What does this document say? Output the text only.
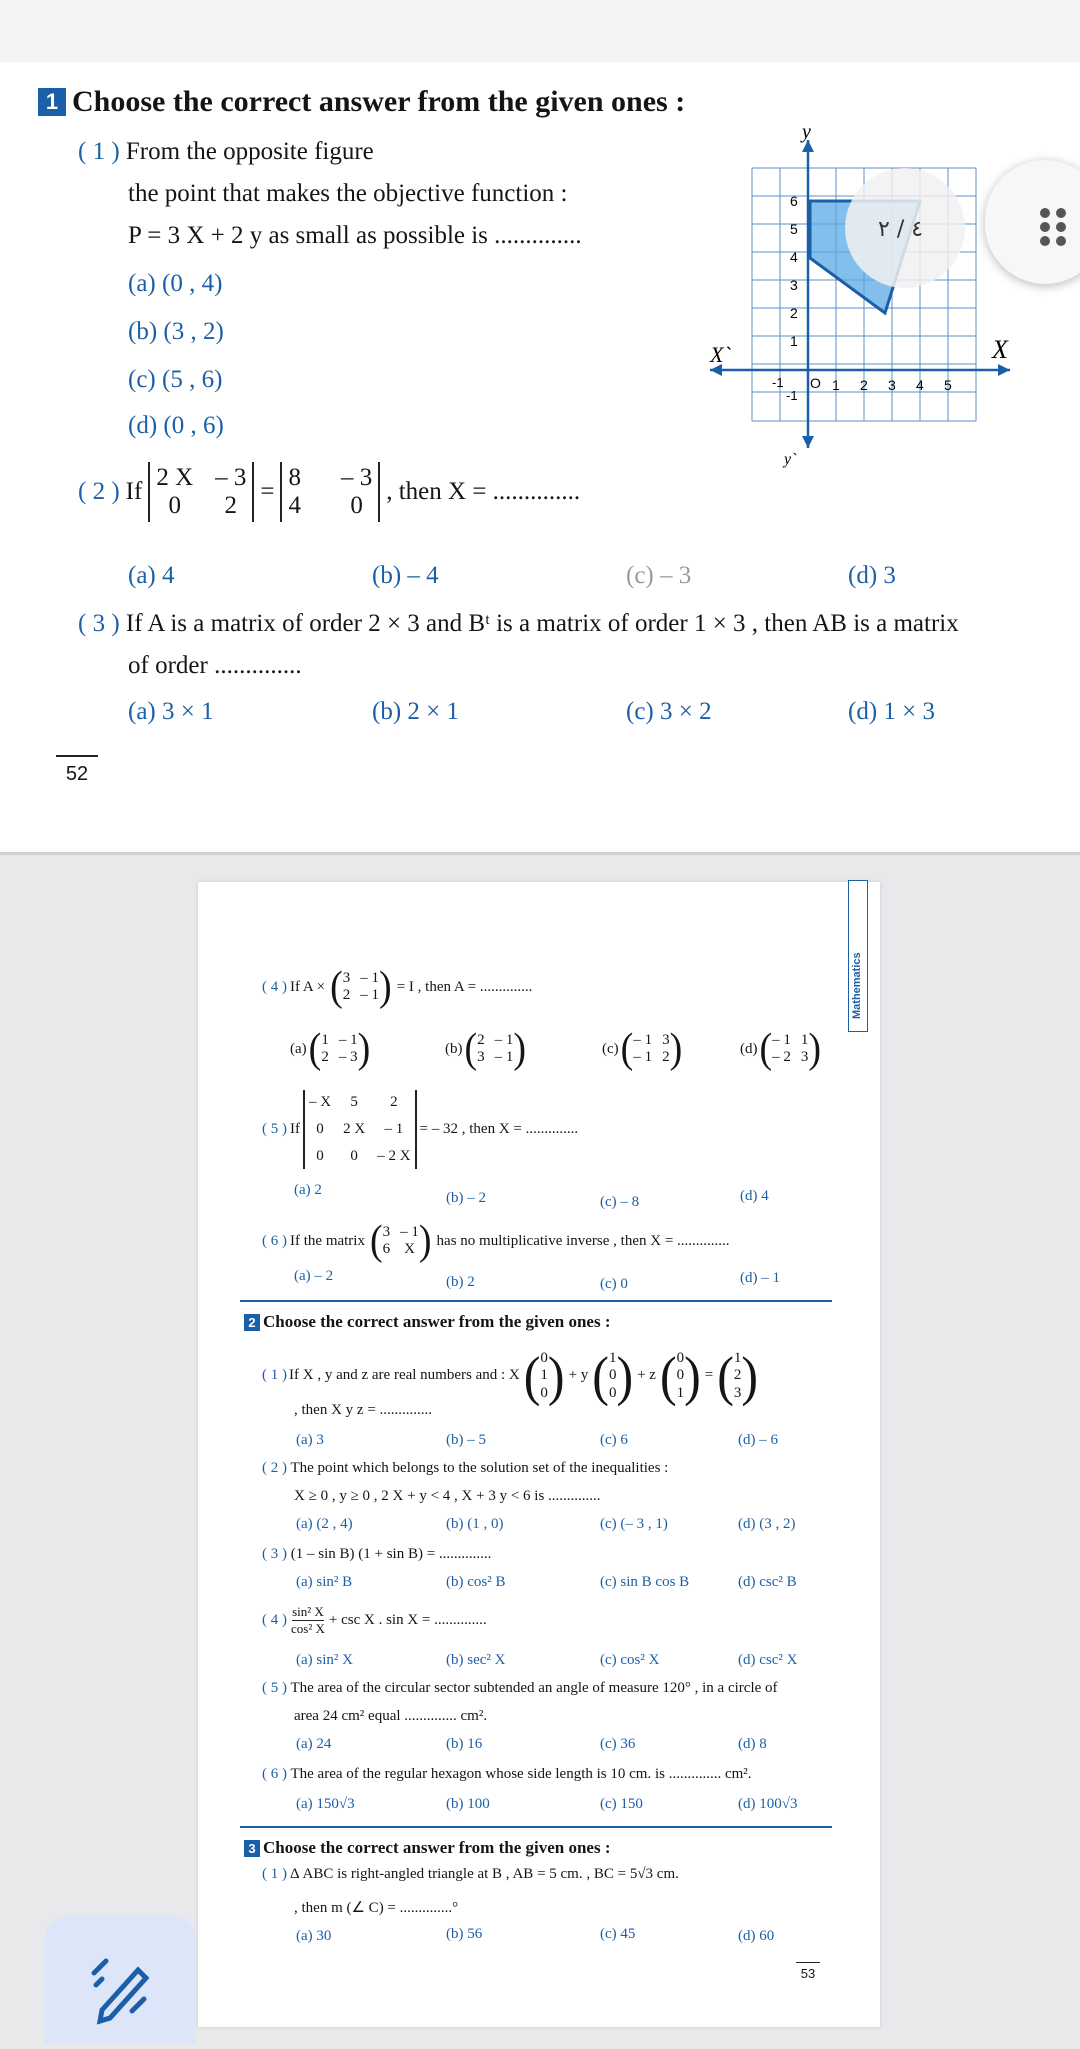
1 Choose the correct answer from the given ones :
( 1 ) From the opposite figure
the point that makes the objective function :
P = 3 X + 2 y as small as possible is ..............
(a) (0 , 4)
(b) (3 , 2)
(c) (5 , 6)
(d) (0 , 6)
y
y`
X
X`
O
-1
-1
1 2 3 4 5
1
2
3
4
5
6
٤ / ٢
( 2 ) If
2 X – 3
0	2
=
8 – 3
4	0
, then X = ..............
(a) 4	(b) – 4	(c) – 3	(d) 3
( 3 ) If A is a matrix of order 2 × 3 and Bᵗ is a matrix of order 1 × 3 , then AB is a matrix
of order ..............
(a) 3 × 1	(b) 2 × 1	(c) 3 × 2	(d) 1 × 3
52
Mathematics
( 4 ) If A × ( 3 – 1
2 – 1 ) = I , then A = ..............
(a) ( 1 – 1
2 – 3 )	(b) ( 2 – 1
3 – 1 )	(c) ( – 1 3
– 1 2 )	(d) ( – 1 1
– 2 3 )
( 5 ) If
– X	5	2
0	2 X	– 1
0	0	– 2 X
= – 32 , then X = ..............
(a) 2	(b) – 2	(c) – 8	(d) 4
( 6 ) If the matrix ( 3 – 1
6 X ) has no multiplicative inverse , then X = ..............
(a) – 2	(b) 2	(c) 0	(d) – 1
2 Choose the correct answer from the given ones :
( 1 ) If X , y and z are real numbers and : X ( 0
1
0 ) + y ( 1
0
0 ) + z ( 0
0
1 ) = ( 1
2
3 )
, then X y z = ..............
(a) 3	(b) – 5	(c) 6	(d) – 6
( 2 ) The point which belongs to the solution set of the inequalities :
X ≥ 0 , y ≥ 0 , 2 X + y < 4 , X + 3 y < 6 is ..............
(a) (2 , 4)	(b) (1 , 0)	(c) (– 3 , 1)	(d) (3 , 2)
( 3 ) (1 – sin B) (1 + sin B) = ..............
(a) sin² B	(b) cos² B	(c) sin B cos B	(d) csc² B
( 4 )
sin² X
cos² X
+ csc X . sin X = ..............
(a) sin² X	(b) sec² X	(c) cos² X	(d) csc² X
( 5 ) The area of the circular sector subtended an angle of measure 120° , in a circle of
area 24 cm² equal .............. cm².
(a) 24	(b) 16	(c) 36	(d) 8
( 6 ) The area of the regular hexagon whose side length is 10 cm. is .............. cm².
(a) 150√3	(b) 100	(c) 150	(d) 100√3
3 Choose the correct answer from the given ones :
( 1 ) Δ ABC is right-angled triangle at B , AB = 5 cm. , BC = 5√3 cm.
, then m (∠ C) = ..............°
(a) 30	(b) 56	(c) 45	(d) 60
53
